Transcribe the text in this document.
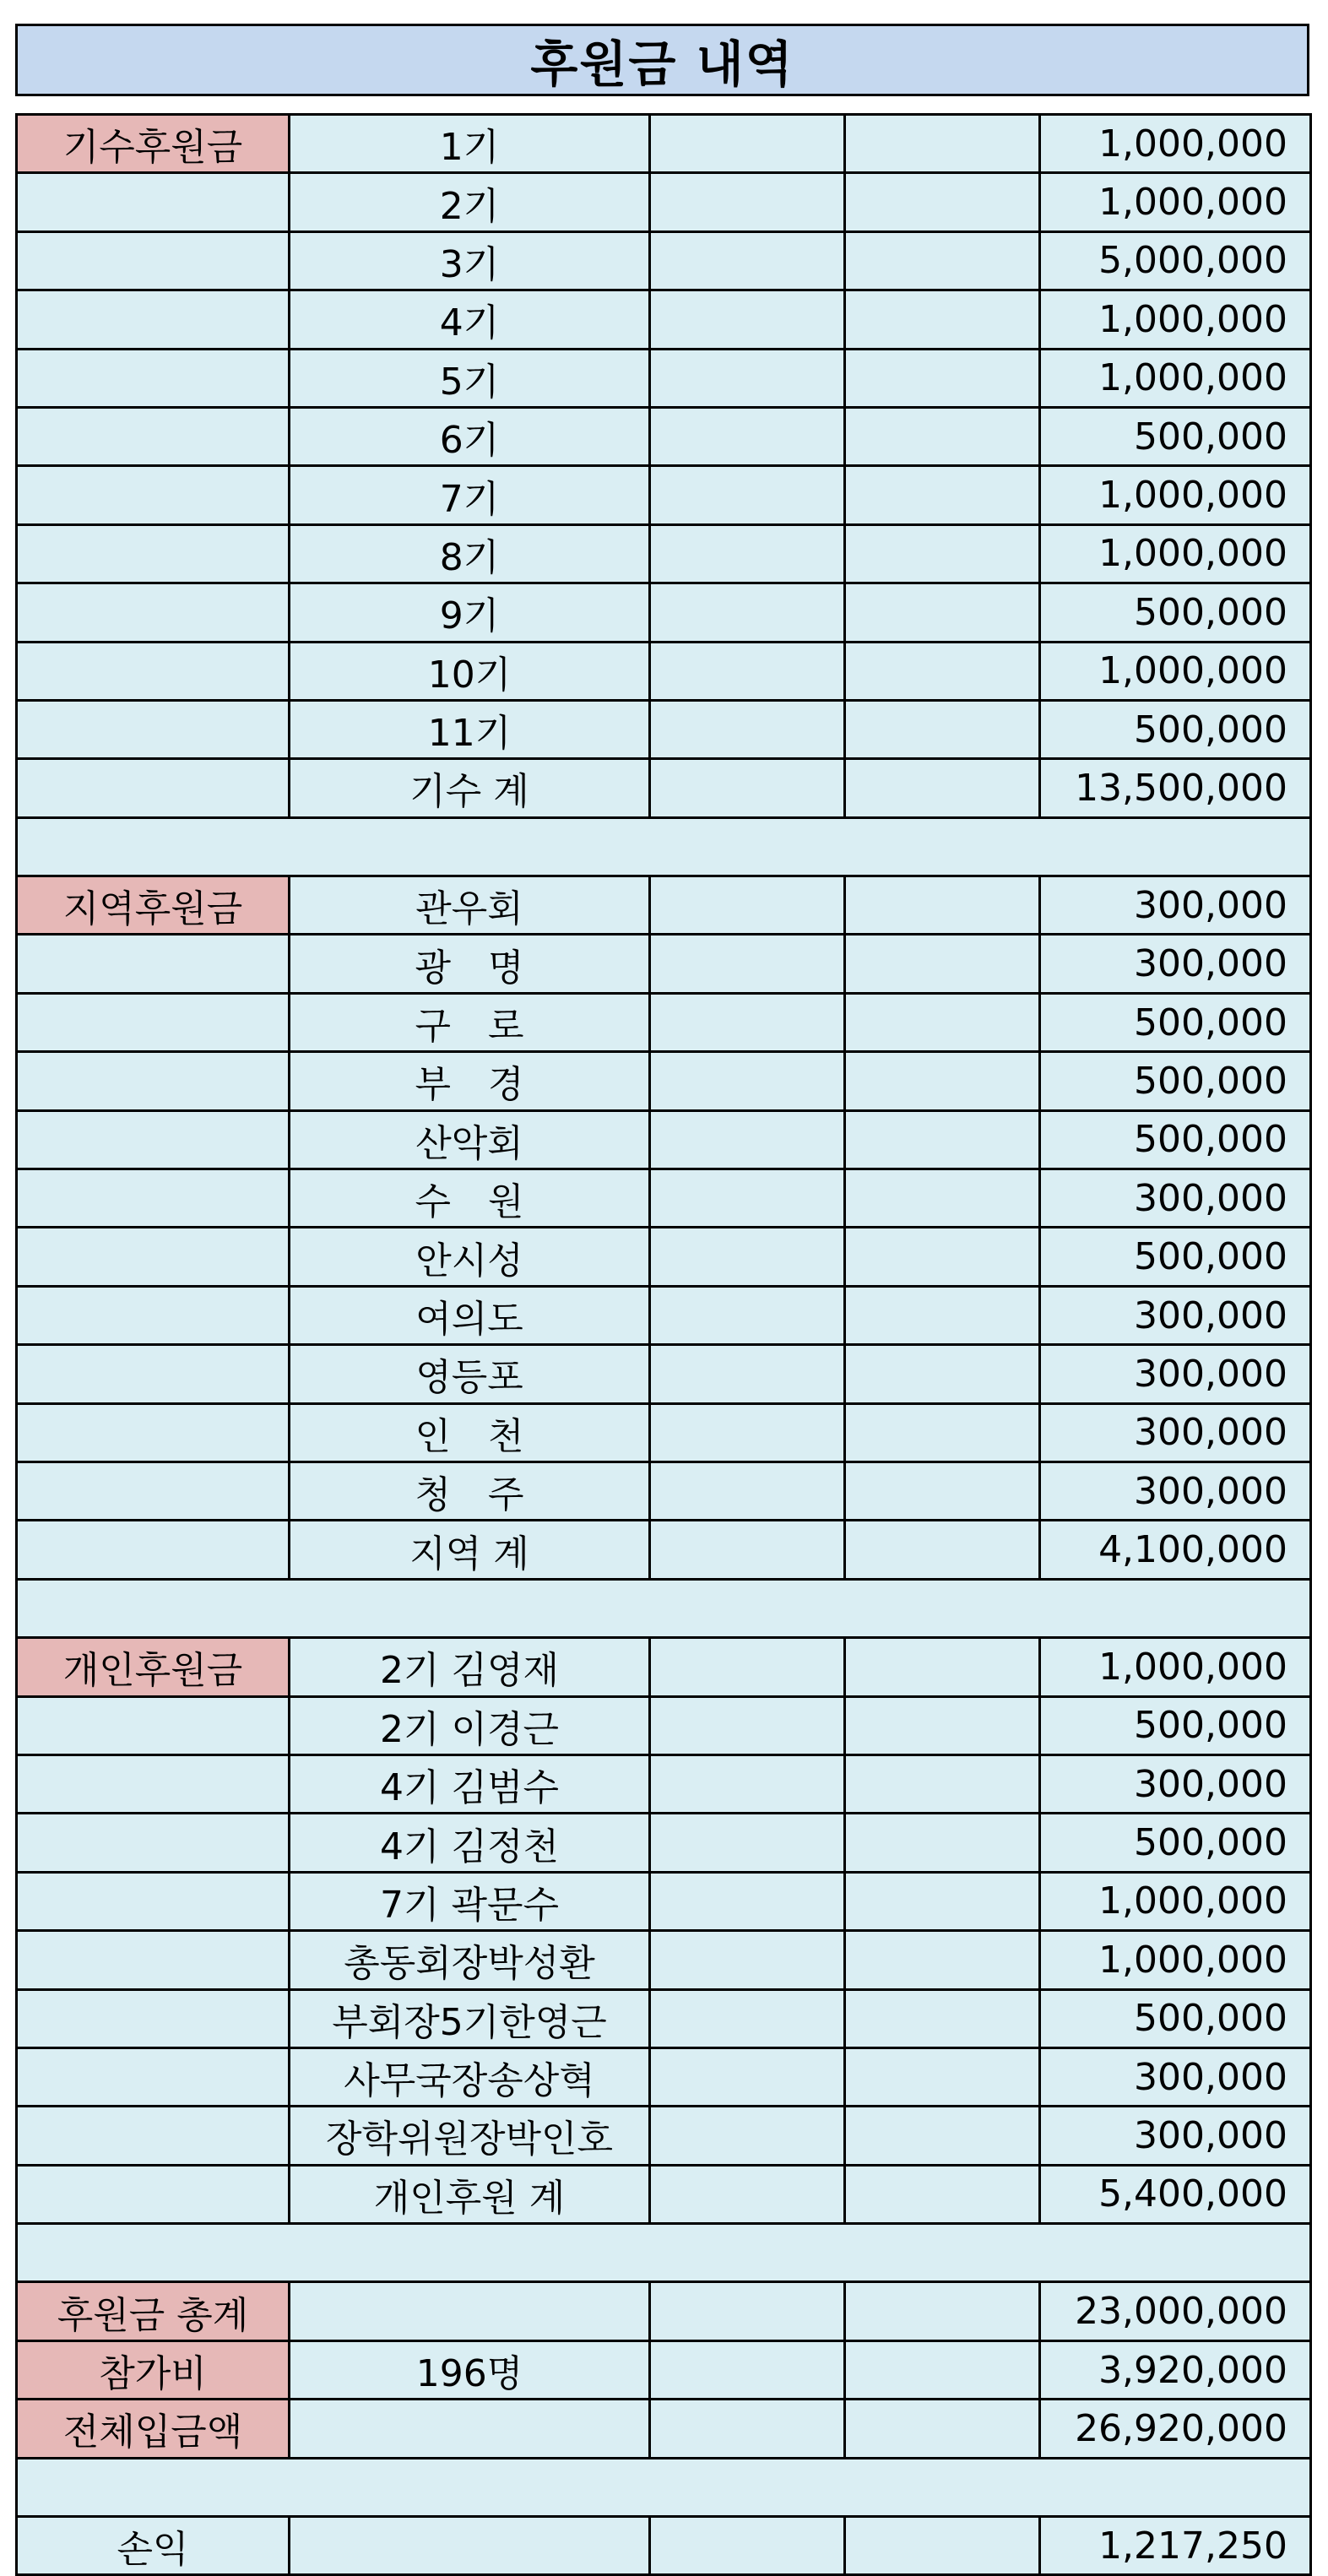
후원금 내역
기수후원금	1기			1,000,000
	2기			1,000,000
	3기			5,000,000
	4기			1,000,000
	5기			1,000,000
	6기			500,000
	7기			1,000,000
	8기			1,000,000
	9기			500,000
	10기			1,000,000
	11기			500,000
	기수 계			13,500,000

지역후원금	관우회			300,000
	광　명			300,000
	구　로			500,000
	부　경			500,000
	산악회			500,000
	수　원			300,000
	안시성			500,000
	여의도			300,000
	영등포			300,000
	인　천			300,000
	청　주			300,000
	지역 계			4,100,000

개인후원금	2기 김영재			1,000,000
	2기 이경근			500,000
	4기 김범수			300,000
	4기 김정천			500,000
	7기 곽문수			1,000,000
	총동회장박성환			1,000,000
	부회장5기한영근			500,000
	사무국장송상혁			300,000
	장학위원장박인호			300,000
	개인후원 계			5,400,000

후원금 총계				23,000,000
참가비	196명			3,920,000
전체입금액				26,920,000

손익				1,217,250
